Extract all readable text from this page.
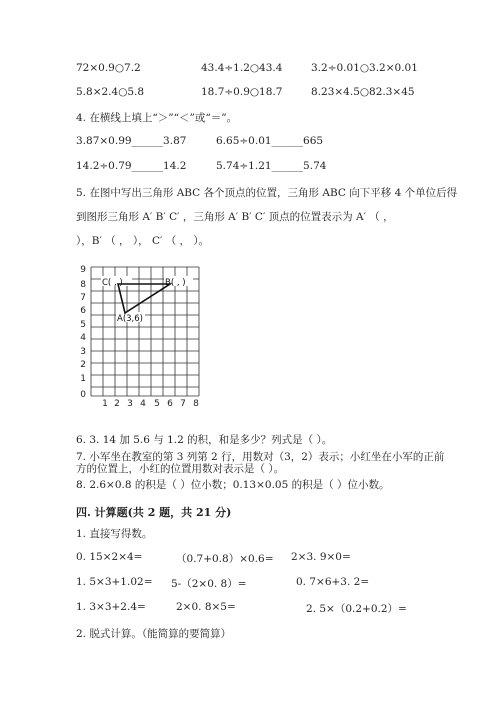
72×0.9○7.2	43.4÷1.2○43.4	3.2÷0.01○3.2×0.01
5.8×2.4○5.8	18.7÷0.9○18.7	8.23×4.5○82.3×45
4. 在横线上填上“＞”“＜”或“＝”。
3.87×0.99______3.87	6.65÷0.01______665
14.2÷0.79______14.2	5.74÷1.21______5.74
5. 在图中写出三角形 ABC 各个顶点的位置，三角形 ABC 向下平移 4 个单位后得
到图形三角形 A′ B′ C′ ，三角形 A′ B′ C′ 顶点的位置表示为 A′ （ ，
），B′ （ ， ）， C′ （ ， ）。
9
8
7
6
5
4
3
2
1
0
1 2 3 4 5 6 7 8
C( , )	B( , )
A(3,6)
6. 3. 14 加 5.6 与 1.2 的积，和是多少？列式是（ ）。
7. 小军坐在教室的第 3 列第 2 行，用数对（3，2）表示；小红坐在小军的正前
方的位置上，小红的位置用数对表示是（ ）。
8. 2.6×0.8 的积是（ ）位小数；0.13×0.05 的积是（ ）位小数。
四. 计算题(共 2 题，共 21 分)
1. 直接写得数。
0. 15×2×4=	（0.7+0.8）×0.6= 2×3. 9×0=
1. 5×3+1.02= 5-（2×0. 8）=	0. 7×6+3. 2=
1. 3×3+2.4=	2×0. 8×5=	2. 5×（0.2+0.2）=
2. 脱式计算。（能简算的要简算）
